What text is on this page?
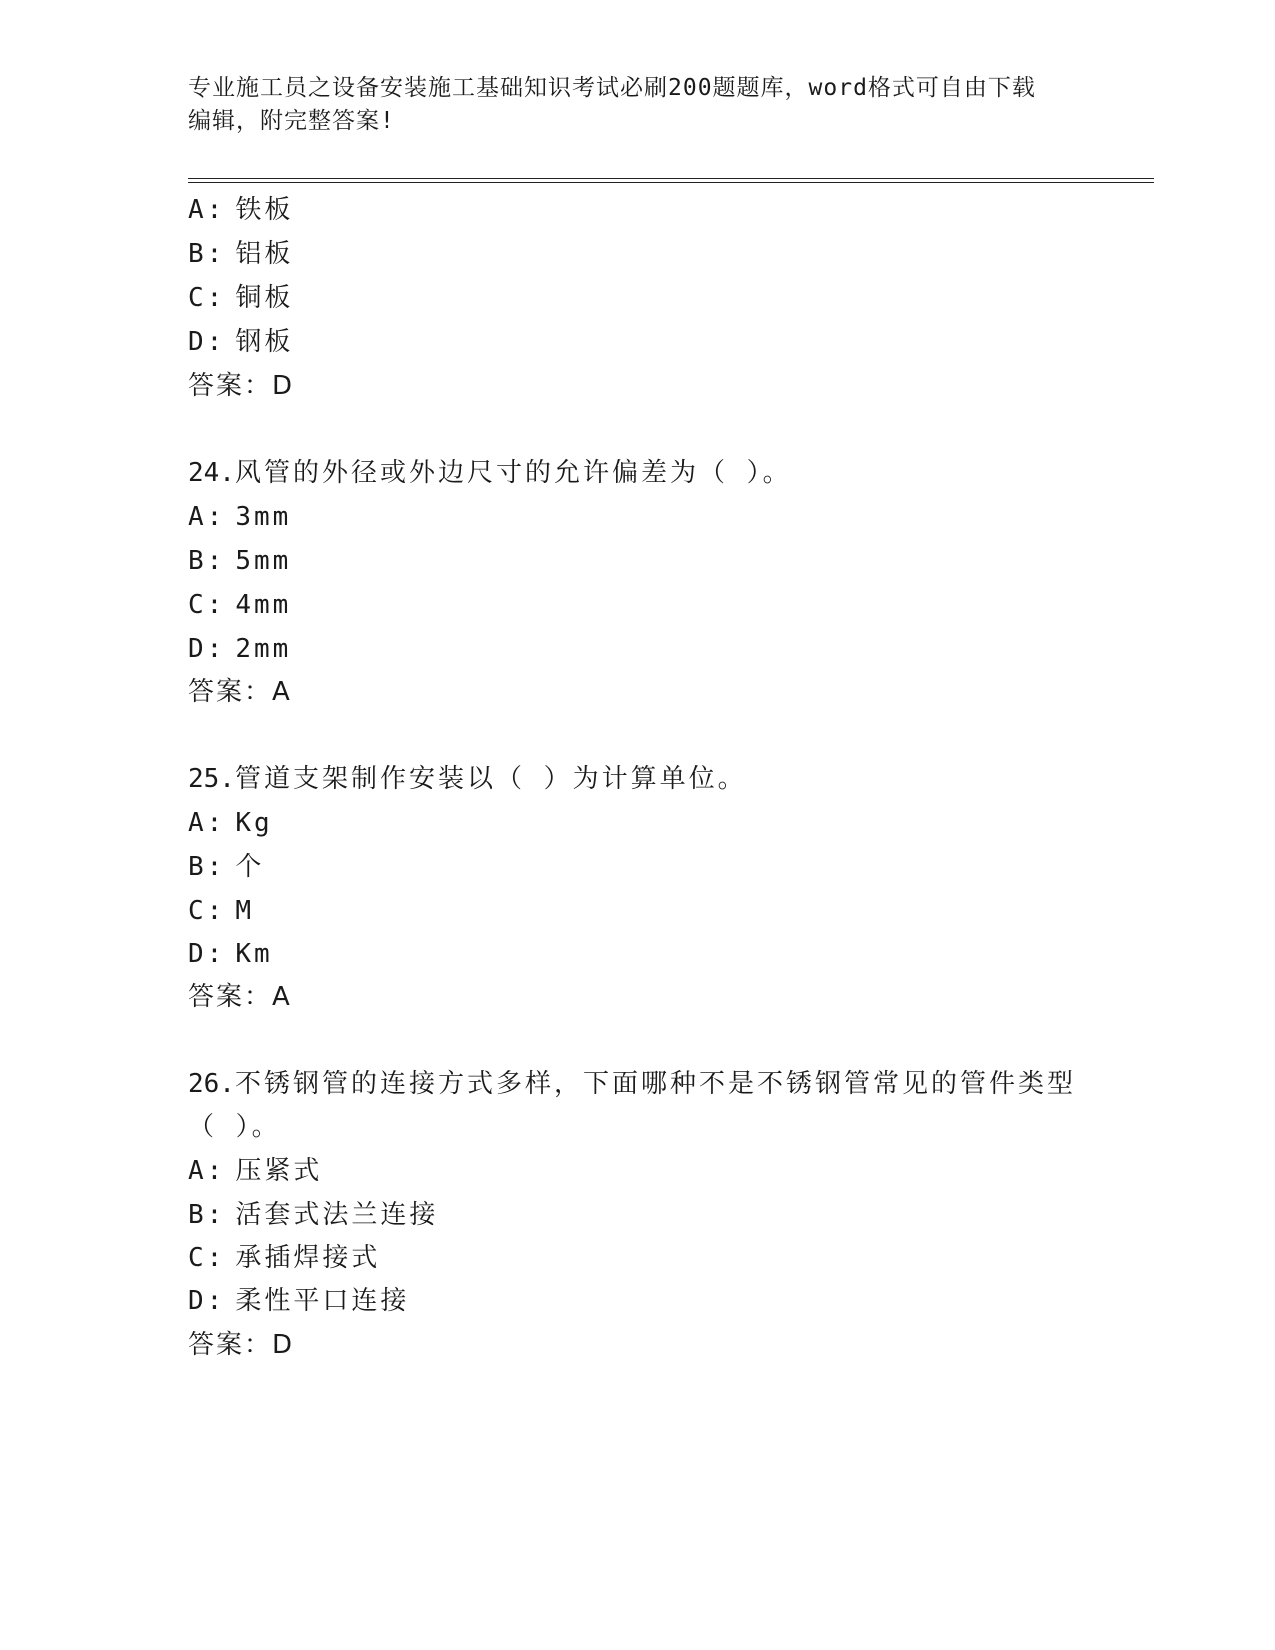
专业施工员之设备安装施工基础知识考试必刷200题题库，word格式可自由下载
编辑，附完整答案!
A: 铁板
B: 铝板
C: 铜板
D: 钢板
答案：D
24.风管的外径或外边尺寸的允许偏差为（ ）。
A: 3mm
B: 5mm
C: 4mm
D: 2mm
答案：A
25.管道支架制作安装以（ ）为计算单位。
A: Kg
B: 个
C: M
D: Km
答案：A
26.不锈钢管的连接方式多样，下面哪种不是不锈钢管常见的管件类型
（ ）。
A: 压紧式
B: 活套式法兰连接
C: 承插焊接式
D: 柔性平口连接
答案：D
